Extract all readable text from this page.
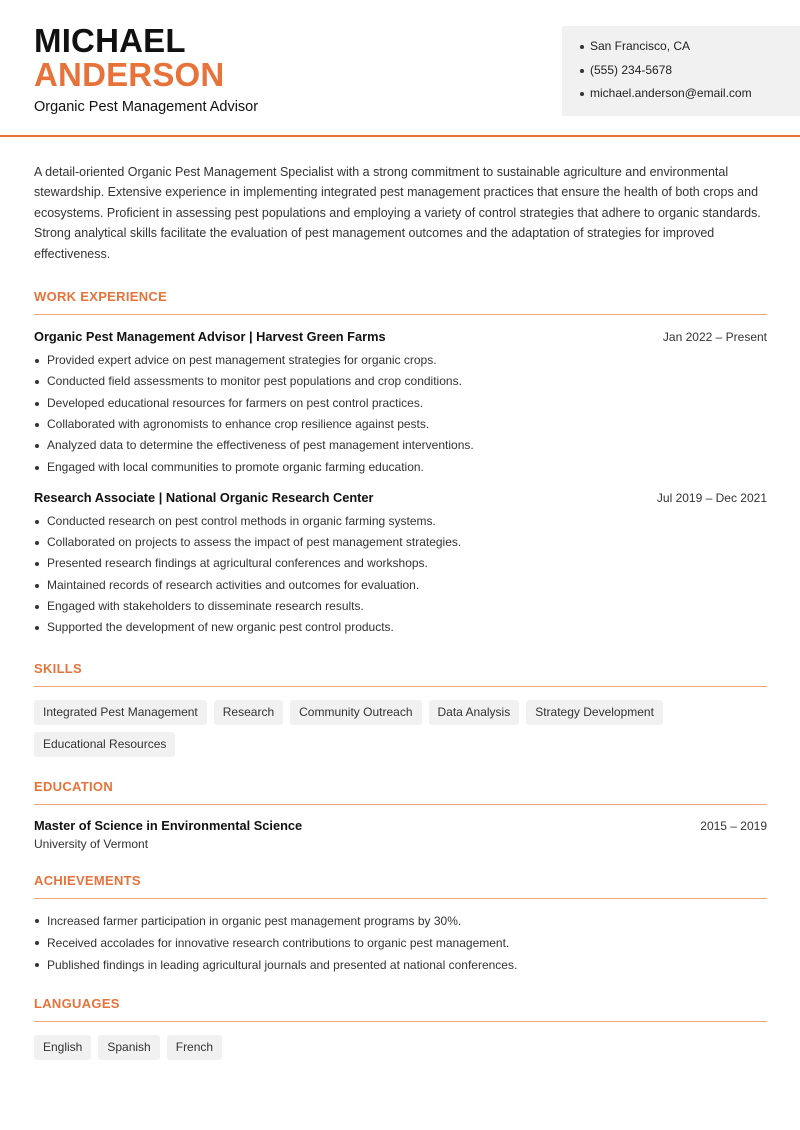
MICHAEL
ANDERSON
Organic Pest Management Advisor
San Francisco, CA
(555) 234-5678
michael.anderson@email.com

A detail-oriented Organic Pest Management Specialist with a strong commitment to sustainable agriculture and environmental stewardship. Extensive experience in implementing integrated pest management practices that ensure the health of both crops and ecosystems. Proficient in assessing pest populations and employing a variety of control strategies that adhere to organic standards. Strong analytical skills facilitate the evaluation of pest management outcomes and the adaptation of strategies for improved effectiveness.

WORK EXPERIENCE
Organic Pest Management Advisor | Harvest Green Farms	Jan 2022 – Present
Provided expert advice on pest management strategies for organic crops.
Conducted field assessments to monitor pest populations and crop conditions.
Developed educational resources for farmers on pest control practices.
Collaborated with agronomists to enhance crop resilience against pests.
Analyzed data to determine the effectiveness of pest management interventions.
Engaged with local communities to promote organic farming education.
Research Associate | National Organic Research Center	Jul 2019 – Dec 2021
Conducted research on pest control methods in organic farming systems.
Collaborated on projects to assess the impact of pest management strategies.
Presented research findings at agricultural conferences and workshops.
Maintained records of research activities and outcomes for evaluation.
Engaged with stakeholders to disseminate research results.
Supported the development of new organic pest control products.
SKILLS
Integrated Pest Management	Research	Community Outreach	Data Analysis	Strategy Development
Educational Resources
EDUCATION
Master of Science in Environmental Science	2015 – 2019
University of Vermont
ACHIEVEMENTS
Increased farmer participation in organic pest management programs by 30%.
Received accolades for innovative research contributions to organic pest management.
Published findings in leading agricultural journals and presented at national conferences.
LANGUAGES
English	Spanish	French
